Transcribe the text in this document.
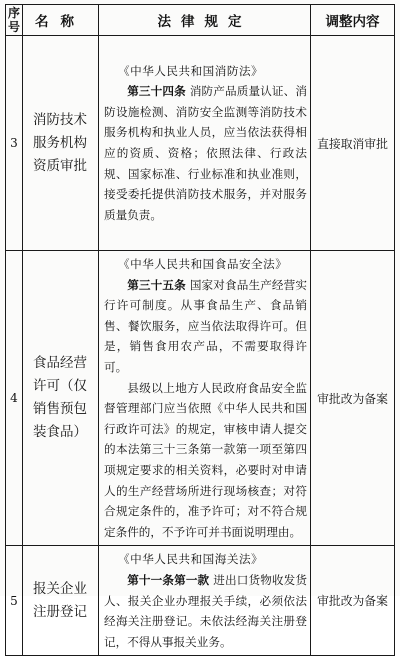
序
号	名称	法律规定	调整内容
3	消防技术服务机构资质审批	《中华人民共和国消防法》
第三十四条 消防产品质量认证、消防设施检测、消防安全监测等消防技术服务机构和执业人员，应当依法获得相应的资质、资格；依照法律、行政法规、国家标准、行业标准和执业准则，接受委托提供消防技术服务，并对服务质量负责。	直接取消审批
4	食品经营许可（仅销售预包装食品）	《中华人民共和国食品安全法》
第三十五条 国家对食品生产经营实行许可制度。从事食品生产、食品销售、餐饮服务，应当依法取得许可。但是，销售食用农产品，不需要取得许可。
县级以上地方人民政府食品安全监督管理部门应当依照《中华人民共和国行政许可法》的规定，审核申请人提交的本法第三十三条第一款第一项至第四项规定要求的相关资料，必要时对申请人的生产经营场所进行现场核查；对符合规定条件的，准予许可；对不符合规定条件的，不予许可并书面说明理由。	审批改为备案
5	报关企业注册登记	《中华人民共和国海关法》
第十一条第一款 进出口货物收发货人、报关企业办理报关手续，必须依法经海关注册登记。未依法经海关注册登记，不得从事报关业务。	审批改为备案
